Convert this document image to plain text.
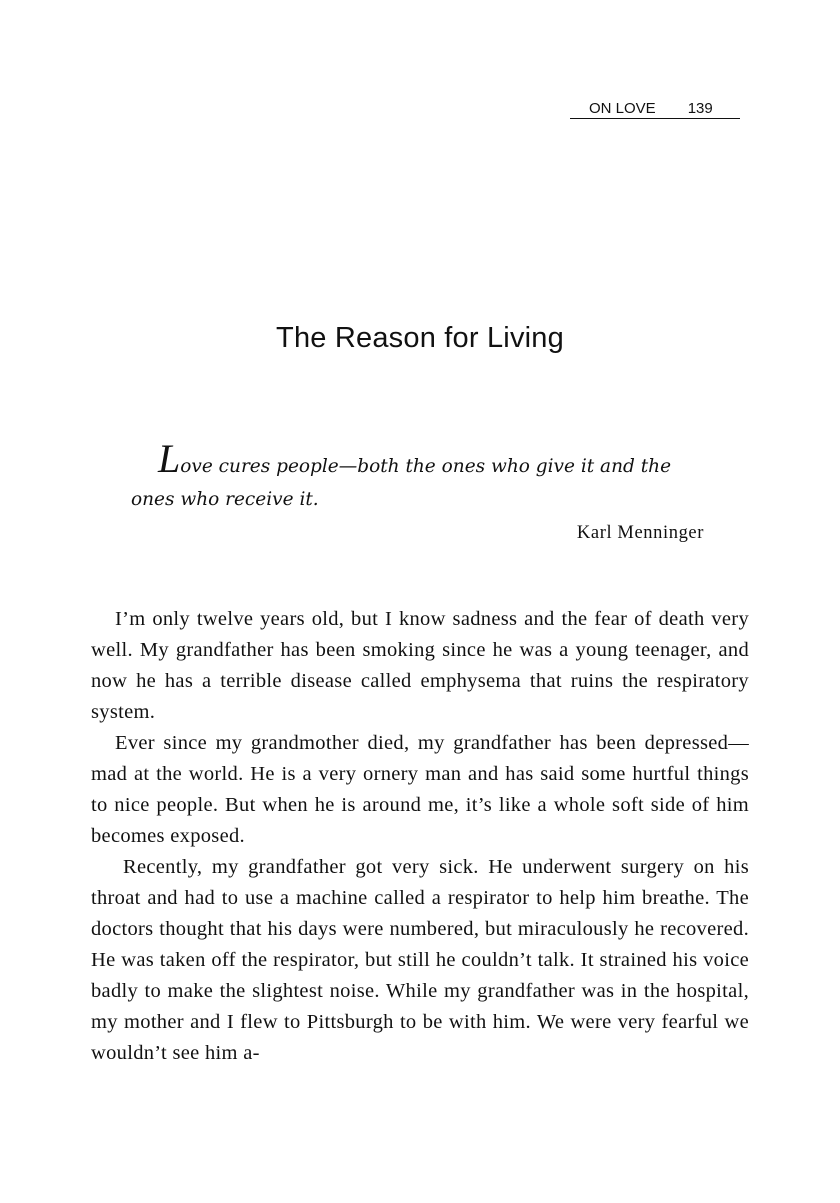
ON LOVE 139
The Reason for Living

Love cures people—both the ones who give it and the ones who receive it.

Karl Menninger

I’m only twelve years old, but I know sadness and the fear of death very well. My grandfather has been smoking since he was a young teenager, and now he has a terrible disease called emphysema that ruins the respiratory system.

Ever since my grandmother died, my grandfather has been depressed—mad at the world. He is a very ornery man and has said some hurtful things to nice people. But when he is around me, it’s like a whole soft side of him becomes exposed.

Recently, my grandfather got very sick. He underwent surgery on his throat and had to use a machine called a respirator to help him breathe. The doctors thought that his days were numbered, but miraculously he recovered. He was taken off the respirator, but still he couldn’t talk. It strained his voice badly to make the slightest noise. While my grandfather was in the hospital, my mother and I flew to Pittsburgh to be with him. We were very fearful we wouldn’t see him a-
